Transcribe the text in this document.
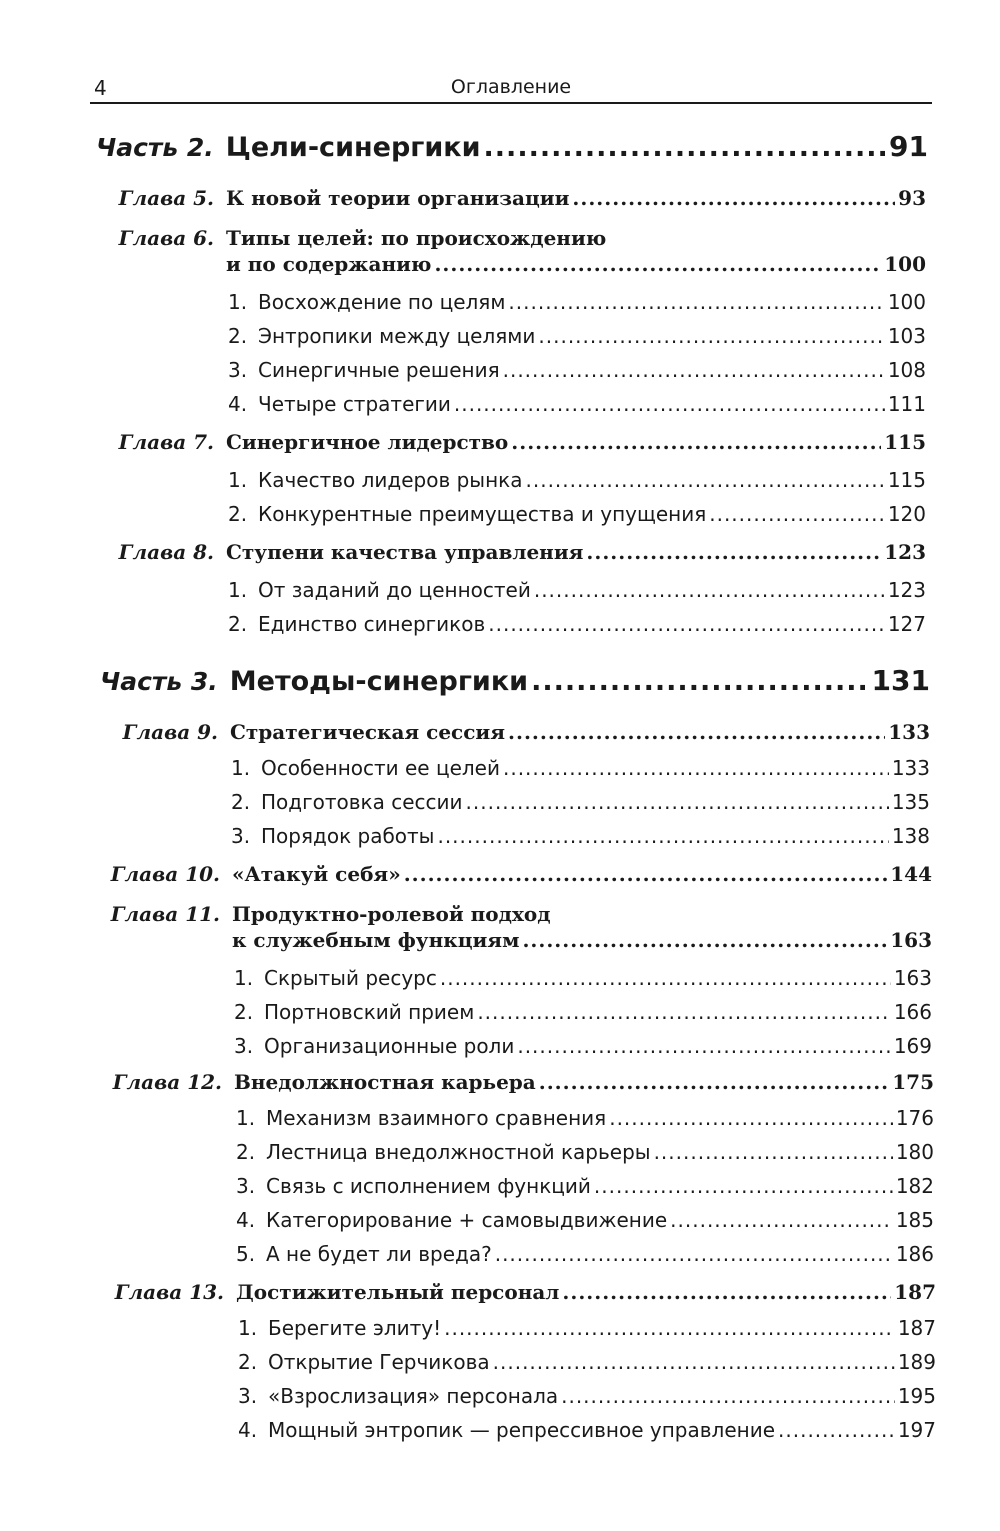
4	Оглавление
Часть 2. Цели-синергики .....	91
Глава 5. К новой теории организации .....	93
Глава 6. Типы целей: по происхождению
и по содержанию .....	100
1. Восхождение по целям .....	100
2. Энтропики между целями .....	103
3. Синергичные решения .....	108
4. Четыре стратегии .....	111
Глава 7. Синергичное лидерство .....	115
1. Качество лидеров рынка .....	115
2. Конкурентные преимущества и упущения .....	120
Глава 8. Ступени качества управления .....	123
1. От заданий до ценностей .....	123
2. Единство синергиков .....	127
Часть 3. Методы-синергики .....	131
Глава 9. Стратегическая сессия .....	133
1. Особенности ее целей .....	133
2. Подготовка сессии .....	135
3. Порядок работы .....	138
Глава 10. «Атакуй себя» .....	144
Глава 11. Продуктно-ролевой подход
к служебным функциям .....	163
1. Скрытый ресурс .....	163
2. Портновский прием .....	166
3. Организационные роли .....	169
Глава 12. Внедолжностная карьера .....	175
1. Механизм взаимного сравнения .....	176
2. Лестница внедолжностной карьеры .....	180
3. Связь с исполнением функций .....	182
4. Категорирование + самовыдвижение .....	185
5. А не будет ли вреда? .....	186
Глава 13. Достижительный персонал .....	187
1. Берегите элиту! .....	187
2. Открытие Герчикова .....	189
3. «Взрослизация» персонала .....	195
4. Мощный энтропик — репрессивное управление .....	197
